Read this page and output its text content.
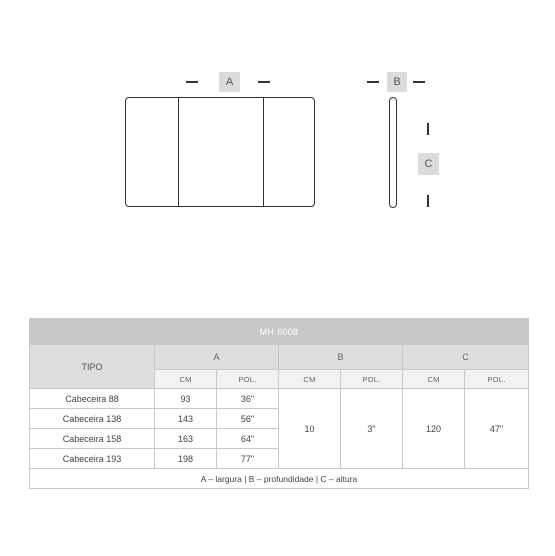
A	B
C
MH 6008						
TIPO	A		B		C	
	CM	POL.	CM	POL.	CM	POL.
Cabeceira 88	93	36"	10	3"	120	47"
Cabeceira 138	143	56"				
Cabeceira 158	163	64"				
Cabeceira 193	198	77"				
A – largura | B – profundidade | C – altura						
